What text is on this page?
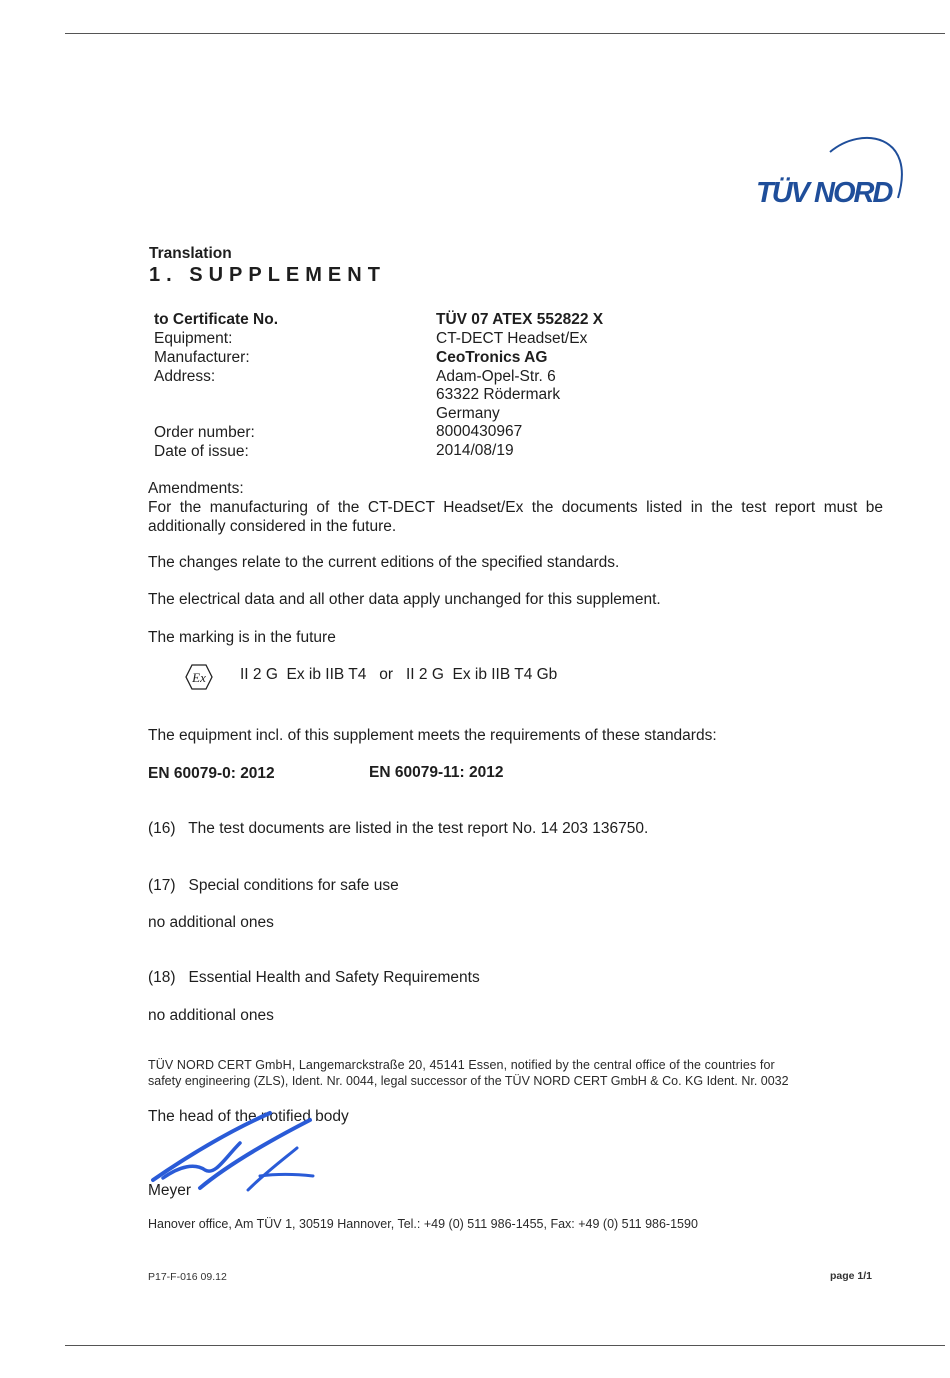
TÜV NORD
Translation
1. SUPPLEMENT
to Certificate No.	TÜV 07 ATEX 552822 X
Equipment:	CT-DECT Headset/Ex
Manufacturer:	CeoTronics AG
Address:	Adam-Opel-Str. 6
63322 Rödermark
Germany
Order number:	8000430967
Date of issue:	2014/08/19
Amendments:
For the manufacturing of the CT-DECT Headset/Ex the documents listed in the test report must be additionally considered in the future.
The changes relate to the current editions of the specified standards.
The electrical data and all other data apply unchanged for this supplement.
The marking is in the future
Ex II 2 G  Ex ib IIB T4   or   II 2 G  Ex ib IIB T4 Gb
The equipment incl. of this supplement meets the requirements of these standards:
EN 60079-0: 2012	EN 60079-11: 2012
(16)   The test documents are listed in the test report No. 14 203 136750.
(17)   Special conditions for safe use
no additional ones
(18)   Essential Health and Safety Requirements
no additional ones
TÜV NORD CERT GmbH, Langemarckstraße 20, 45141 Essen, notified by the central office of the countries for
safety engineering (ZLS), Ident. Nr. 0044, legal successor of the TÜV NORD CERT GmbH & Co. KG Ident. Nr. 0032
The head of the notified body
Meyer
Hanover office, Am TÜV 1, 30519 Hannover, Tel.: +49 (0) 511 986-1455, Fax: +49 (0) 511 986-1590
P17-F-016 09.12	page 1/1
